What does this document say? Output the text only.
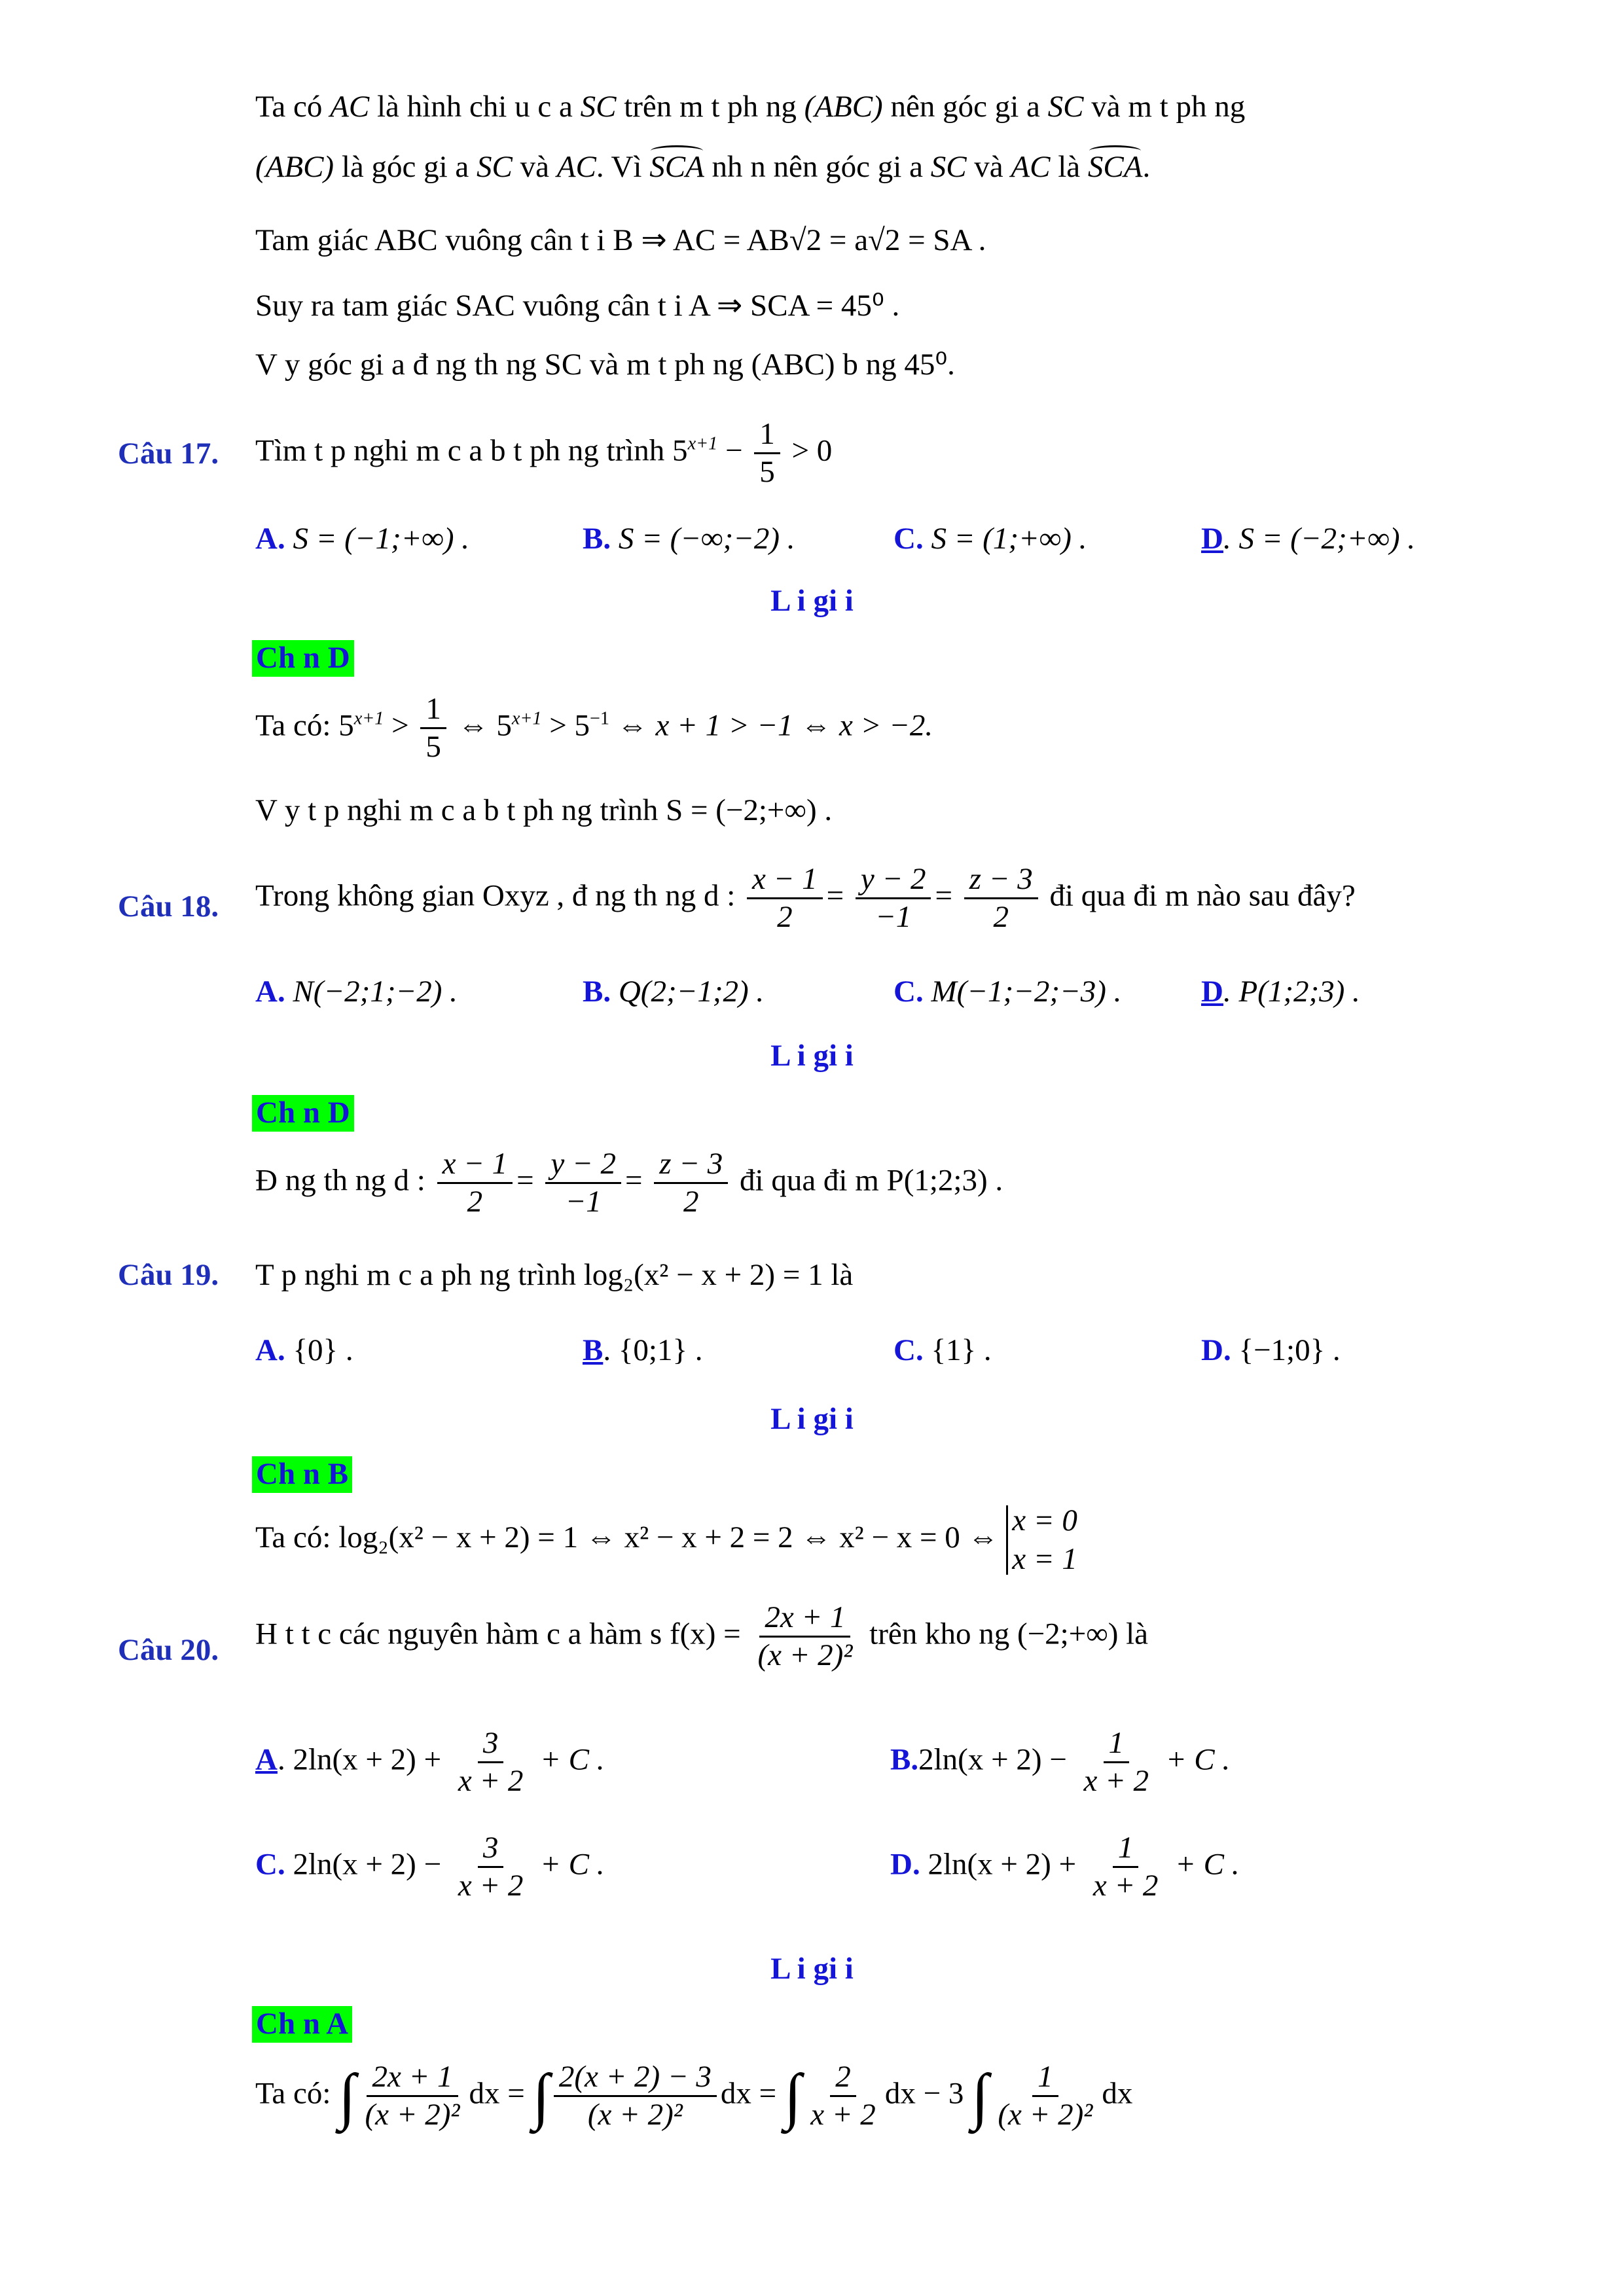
Ta có AC là hình chi u c a SC trên m t ph ng (ABC) nên góc gi a SC và m t ph ng
(ABC) là góc gi a SC và AC. Vì SCA nh n nên góc gi a SC và AC là SCA.
Tam giác ABC vuông cân t i B ⇒ AC = AB√2 = a√2 = SA .
Suy ra tam giác SAC vuông cân t i A ⇒ SCA = 45⁰ .
V y góc gi a đ ng th ng SC và m t ph ng (ABC) b ng 45⁰.
Câu 17. Tìm t p nghi m c a b t ph ng trình $5^{x+1} - \frac{1}{5} > 0$
A. S = (−1;+∞) .	B. S = (−∞;−2) .	C. S = (1;+∞) .	D. S = (−2;+∞) .
L i gi i
Ch n D
Ta có: $5^{x+1} > \frac{1}{5}$ ⇔ $5^{x+1} > 5^{-1}$ ⇔ x + 1 > −1 ⇔ x > −2.
V y t p nghi m c a b t ph ng trình S = (−2;+∞) .
Câu 18. Trong không gian Oxyz , đ ng th ng d : $\frac{x - 1}{2} = \frac{y - 2}{-1} = \frac{z - 3}{2}$ đi qua đi m nào sau đây?
A. N(−2;1;−2) .	B. Q(2;−1;2) .	C. M(−1;−2;−3) .	D. P(1;2;3) .
L i gi i
Ch n D
Đ ng th ng d : $\frac{x - 1}{2} = \frac{y - 2}{-1} = \frac{z - 3}{2}$ đi qua đi m P(1;2;3) .
Câu 19. T p nghi m c a ph ng trình log₂(x² − x + 2) = 1 là
A. {0} .	B. {0;1} .	C. {1} .	D. {−1;0} .
L i gi i
Ch n B
Ta có: log₂(x² − x + 2) = 1 ⇔ x² − x + 2 = 2 ⇔ x² − x = 0 ⇔ x = 0
x = 1
Câu 20. H t t c các nguyên hàm c a hàm s $f(x) = \frac{2x + 1}{\text{(x + 2)²}}$ trên kho ng (−2;+∞) là
A. $2\ln(x + 2) + \frac{3}{x + 2} + C$ .	$B.2\ln(x + 2) - \frac{1}{x + 2} + C$ .
C. $2\ln(x + 2) - \frac{3}{x + 2} + C$ .	D. $2\ln(x + 2) + \frac{1}{x + 2} + C$ .
L i gi i
Ch n A
Ta có: ∫ $\frac{2x + 1}{\text{(x + 2)²}}$ dx = ∫ $\frac{2(x + 2) - 3}{\text{(x + 2)²}}$ dx = ∫ $\frac{2}{x + 2}$ dx − 3 ∫ $\frac{1}{\text{(x + 2)²}}$ dx
